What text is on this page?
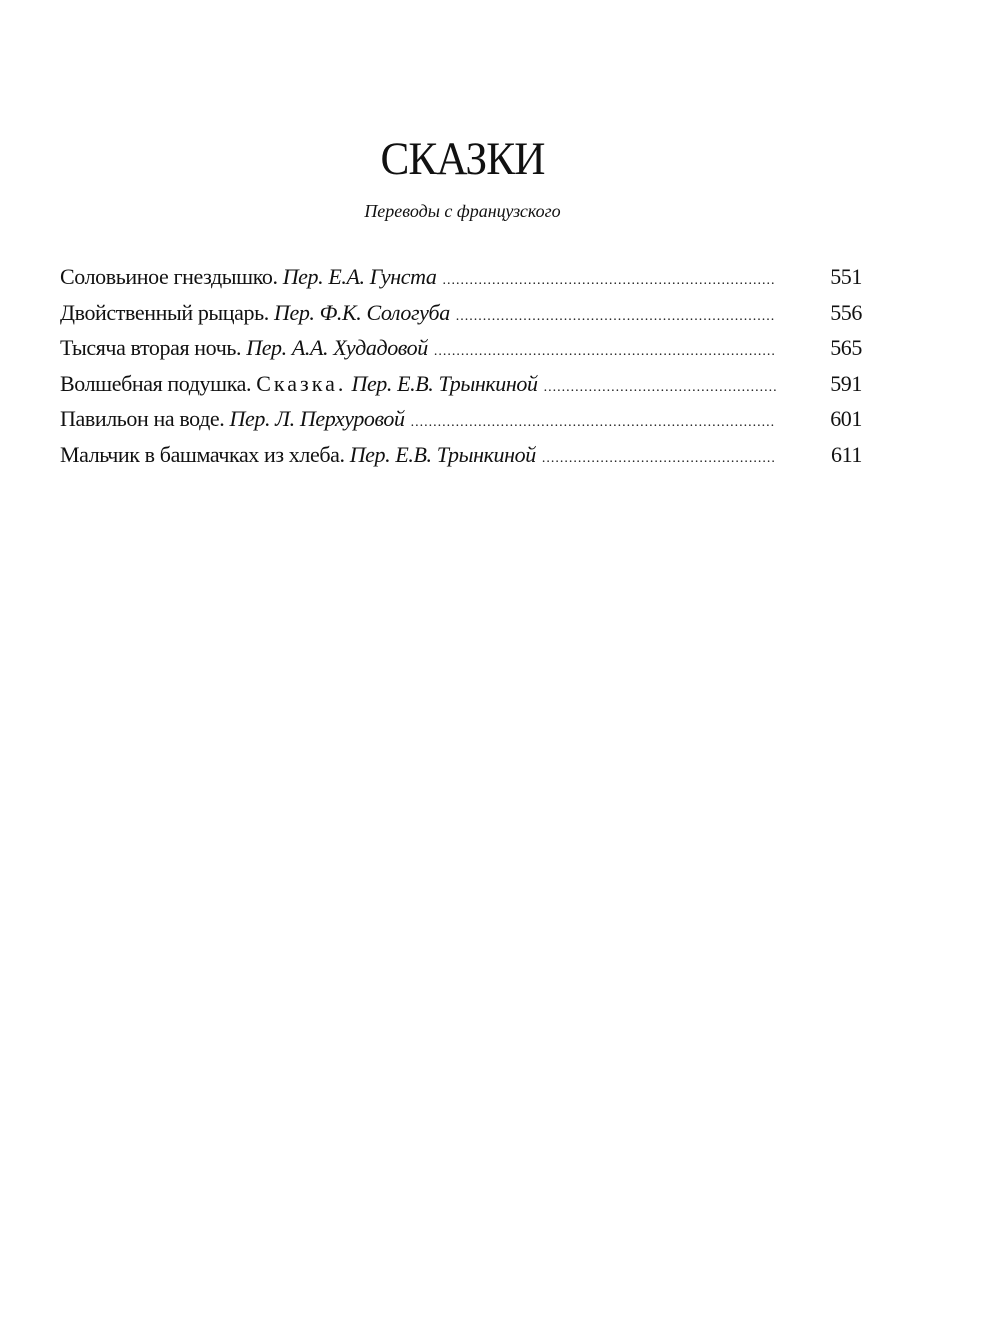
СКАЗКИ
Переводы с французского
Соловьиное гнездышко. Пер. Е.А. Гунста .....	551
Двойственный рыцарь. Пер. Ф.К. Сологуба .....	556
Тысяча вторая ночь. Пер. А.А. Худадовой .....	565
Волшебная подушка. Сказка. Пер. Е.В. Трынкиной .....	591
Павильон на воде. Пер. Л. Перхуровой .....	601
Мальчик в башмачках из хлеба. Пер. Е.В. Трынкиной .....	611
